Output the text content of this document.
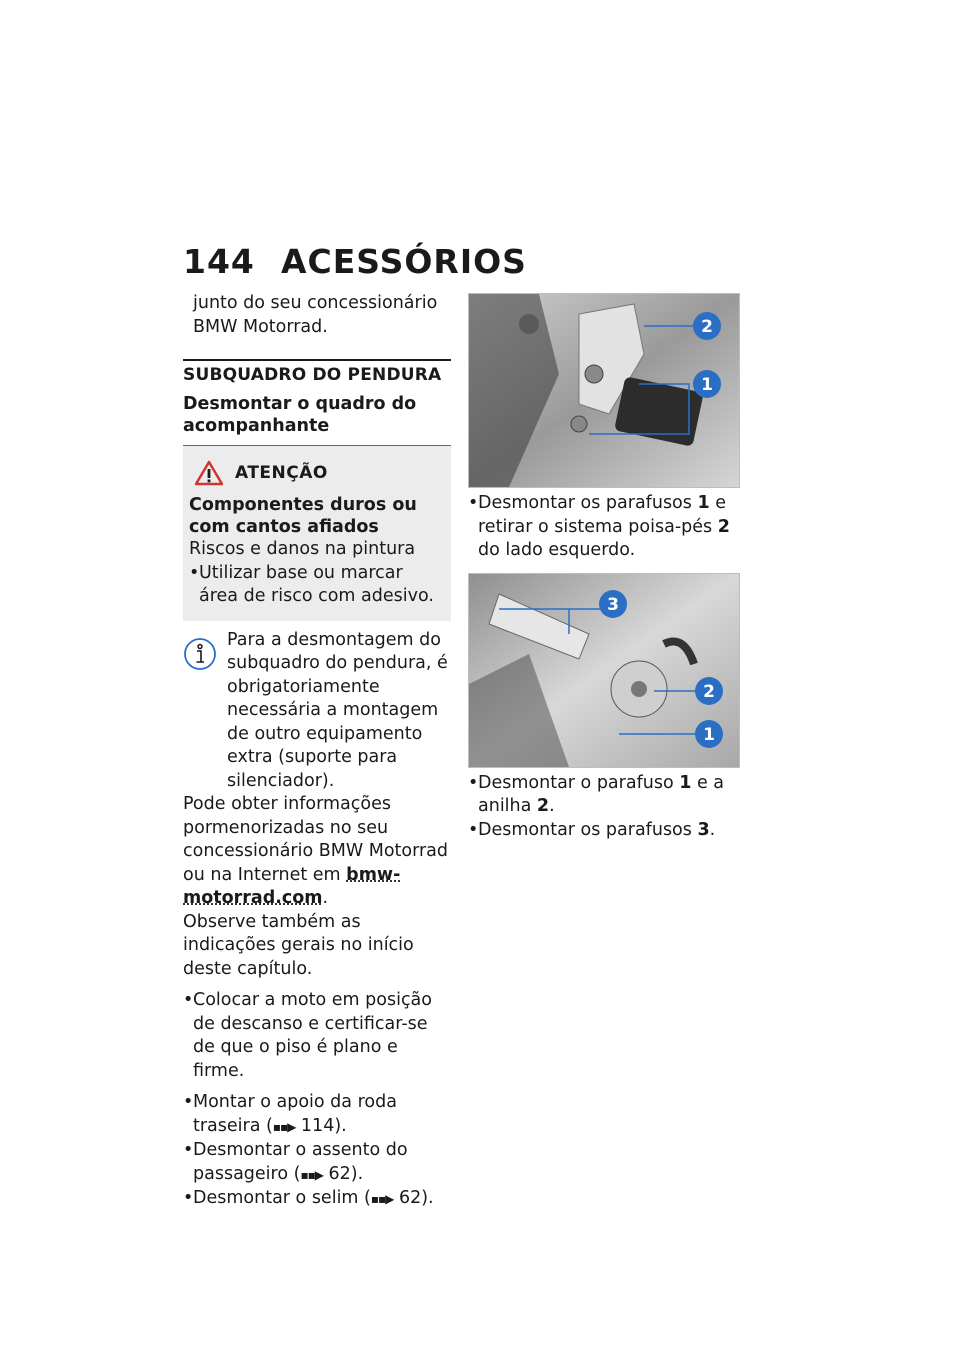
144 ACESSÓRIOS

junto do seu concessionário BMW Motorrad.

SUBQUADRO DO PENDURA
Desmontar o quadro do acompanhante
ATENÇÃO
Componentes duros ou com cantos afiados

Riscos e danos na pintura

• Utilizar base ou marcar área de risco com adesivo.

Para a desmontagem do subquadro do pendura, é obrigatoriamente necessária a montagem de outro equipamento extra (suporte para silenciador).

Pode obter informações pormenorizadas no seu concessionário BMW Motorrad ou na Internet em bmw-motorrad.com.

Observe também as indicações gerais no início deste capítulo.

• Colocar a moto em posição de descanso e certificar-se de que o piso é plano e firme.
• Montar o apoio da roda traseira (▪▪▶ 114).
• Desmontar o assento do passageiro (▪▪▶ 62).
• Desmontar o selim (▪▪▶ 62).
2
1
• Desmontar os parafusos 1 e retirar o sistema poisa-pés 2 do lado esquerdo.
3
2
1
• Desmontar o parafuso 1 e a anilha 2.
• Desmontar os parafusos 3.
